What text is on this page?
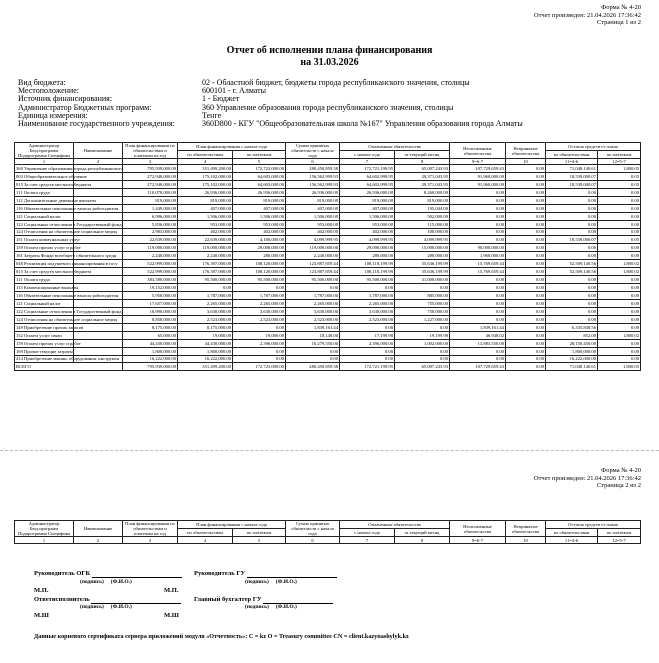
Форма № 4-20
Отчет произведен: 21.04.2026 17:36:42
Страница 1 из 2
Отчет об исполнении плана финансирования
на 31.03.2026
Вид бюджета:	02 - Областной бюджет, бюджеты города республиканского значения, столицы
Местоположение:	600101 - г. Алматы
Источник финансирования:	1 - Бюджет
Администратор Бюджетных программ:	360 Управление образования города республиканского значения, столицы
Единица измерения:	Тенге
Наименование государственного учреждения:	360D800 - КГУ "Общеобразовательная школа №167" Управления образования города Алматы
Администратор Бюд.программ Подпрограмма Спецификa	Наименование	План финансирования по обязательствам и платежам на год	План финансирования с начала года		Сумма принятых обязательств с начала года	Оплаченные обязательства		Неоплаченные обязательства	Непринятые обязательства	Остаток средств от плана	
			по обязательствам	по платежам		с начала года	за текущий месяц			по обязательствам	по платежам
1	2	3	4	5	6	7	8	9=6-7	10	11=4-6	12=5-7
360 Управление образования города республиканского		795,939,000.00	351,499,200.00	172,723,000.00	280,450,859.38	172,721,199.95	65,007,243.93	107,729,659.43	0.00	71,048,140.61	1,800.05
003 Общеобразовательное обучение		272,940,000.00	175,102,000.00	64,603,000.00	156,562,999.93	64,602,999.95	29,371,043.95	91,960,000.00	0.00	18,539,000.07	0.05
015 За счет средств местного бюджета		272,940,000.00	175,102,000.00	64,603,000.00	156,562,999.93	64,602,999.95	29,371,043.95	91,960,000.00	0.00	18,539,000.07	0.05
111 Оплата труда		110,078,000.00	26,936,000.00	26,936,000.00	26,936,000.00	26,936,000.00	8,260,000.00	0.00	0.00	0.00	0.00
112 Дополнительные денежные выплаты		819,000.00	819,000.00	819,000.00	819,000.00	819,000.00	819,000.00	0.00	0.00	0.00	0.00
116 Обязательные пенсионные взносы работодателя		1,449,000.00	407,000.00	407,000.00	407,000.00	407,000.00	195,044.00	0.00	0.00	0.00	0.00
121 Социальный налог		6,996,000.00	1,506,000.00	1,506,000.00	1,506,000.00	1,506,000.00	502,000.00	0.00	0.00	0.00	0.00
122 Социальные отчисления в Государственный фонд		5,836,000.00	953,000.00	953,000.00	953,000.00	953,000.00	115,000.00	0.00	0.00	0.00	0.00
124 Отчисления на обязательное социальное медиц		2,983,000.00	402,000.00	402,000.00	402,000.00	402,000.00	100,000.00	0.00	0.00	0.00	0.00
151 Оплата коммунальных услуг		22,639,000.00	22,639,000.00	4,100,000.00	4,099,999.95	4,099,999.95	4,099,999.95	0.00	0.00	18,539,000.07	0.05
159 Оплата прочих услуг и работ		119,000,000.00	119,000,000.00	29,000,000.00	119,000,000.00	29,000,000.00	15,000,000.00	90,000,000.00	0.00	0.00	0.00
161 Затраты Фонда всеобщего обязательного средн		2,240,000.00	2,240,000.00	280,000.00	2,240,000.00	280,000.00	280,000.00	1,960,000.00	0.00	0.00	0.00
048 Реализация подушевого финансирования в госу		522,999,000.00	176,397,000.00	108,120,000.00	123,887,859.44	108,118,199.99	35,636,199.99	15,769,659.44	0.00	52,509,140.56	1,800.02
015 За счет средств местного бюджета		522,999,000.00	176,397,000.00	108,120,000.00	123,887,859.44	108,118,199.99	35,636,199.99	15,769,659.44	0.00	52,509,140.56	1,800.02
111 Оплата труда		383,580,000.00	95,500,000.00	95,500,000.00	95,500,000.00	95,500,000.00	31,000,000.00	0.00	0.00	0.00	0.00
113 Компенсационные выплаты		19,152,000.00	0.00	0.00	0.00	0.00	0.00	0.00	0.00	0.00	0.00
116 Обязательные пенсионные взносы работодателя		5,950,000.00	1,787,000.00	1,787,000.00	1,787,000.00	1,787,000.00	885,000.00	0.00	0.00	0.00	0.00
121 Социальный налог		17,657,000.00	2,265,000.00	2,265,000.00	2,265,000.00	2,265,000.00	755,000.00	0.00	0.00	0.00	0.00
122 Социальные отчисления в Государственный фонд		16,990,000.00	3,630,000.00	3,630,000.00	3,630,000.00	3,630,000.00	750,000.00	0.00	0.00	0.00	0.00
124 Отчисления на обязательное социальное медиц		8,858,000.00	2,523,000.00	2,523,000.00	2,523,000.00	2,523,000.00	1,227,000.00	0.00	0.00	0.00	0.00
149 Приобретение прочих запасов		8,175,000.00	8,175,000.00	0.00	1,839,161.44	0.00	0.00	1,839,161.44	0.00	6,335,838.56	0.00
152 Оплата услуг связи		65,000.00	19,000.00	19,000.00	18,148.00	17,199.98	19,199.98	46,948.02	0.00	852.00	1,800.02
159 Оплата прочих услуг и работ		44,430,000.00	44,430,000.00	2,396,000.00	16,279,550.00	2,396,000.00	1,002,000.00	13,883,550.00	0.00	28,150,450.00	0.00
169 Прочие текущие затраты		1,800,000.00	1,800,000.00	0.00	0.00	0.00	0.00	0.00	0.00	1,800,000.00	0.00
414 Приобретение машин, оборудования, инструмен		16,222,000.00	16,222,000.00	0.00	0.00	0.00	0.00	0.00	0.00	16,222,000.00	0.00
ВСЕГО		795,939,000.00	351,499,200.00	172,723,000.00	280,450,859.38	172,721,199.95	65,007,243.93	107,729,659.43	0.00	71,048,140.61	1,800.05
Форма № 4-20
Отчет произведен: 21.04.2026 17:36:42
Страница 2 из 2
Администратор Бюд.программ Подпрограмма Спецификa	Наименование	План финансирования по обязательствам и платежам на год	План финансирования с начала года		Сумма принятых обязательств с начала года	Оплаченные обязательства		Неоплаченные обязательства	Непринятые обязательства	Остаток средств от плана	
			по обязательствам	по платежам		с начала года	за текущий месяц			по обязательствам	по платежам
1	2	3	4	5	6	7	8	9=6-7	10	11=4-6	12=5-7
Руководитель ОГК	Руководитель ГУ
(подпись) (Ф.И.О.)	(подпись) (Ф.И.О.)
М.П.	М.П.
Ответисполнитель	Главный бухгалтер ГУ
(подпись) (Ф.И.О.)	(подпись) (Ф.И.О.)
М.Ш	М.Ш
Данные корневого сертификата сервера приложений модуля «Отчетность»: C = kz O = Treasury committee CN = client.kazynashylyk.kz
